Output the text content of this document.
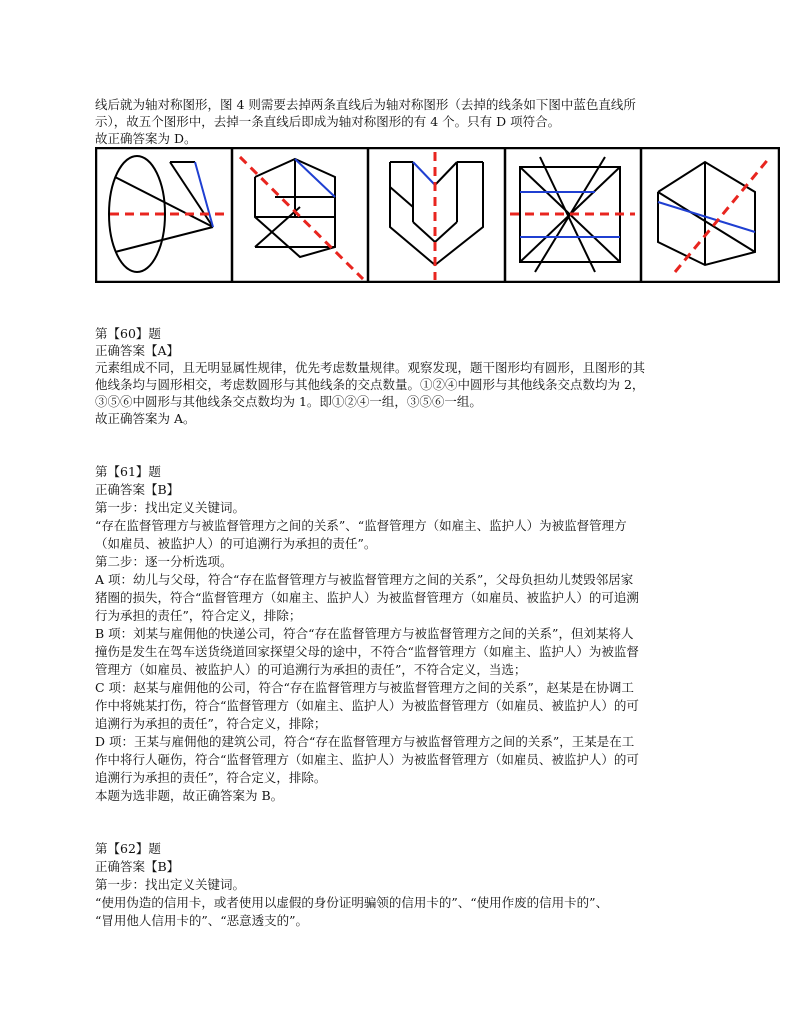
线后就为轴对称图形，图 4 则需要去掉两条直线后为轴对称图形（去掉的线条如下图中蓝色直线所
示），故五个图形中，去掉一条直线后即成为轴对称图形的有 4 个。只有 D 项符合。
故正确答案为 D。
第【60】题
正确答案【A】
元素组成不同，且无明显属性规律，优先考虑数量规律。观察发现，题干图形均有圆形，且图形的其
他线条均与圆形相交，考虑数圆形与其他线条的交点数量。①②④中圆形与其他线条交点数均为 2，
③⑤⑥中圆形与其他线条交点数均为 1。即①②④一组，③⑤⑥一组。
故正确答案为 A。
第【61】题
正确答案【B】
第一步：找出定义关键词。
“存在监督管理方与被监督管理方之间的关系”、“监督管理方（如雇主、监护人）为被监督管理方
（如雇员、被监护人）的可追溯行为承担的责任”。
第二步：逐一分析选项。
A 项：幼儿与父母，符合“存在监督管理方与被监督管理方之间的关系”，父母负担幼儿焚毁邻居家
猪圈的损失，符合“监督管理方（如雇主、监护人）为被监督管理方（如雇员、被监护人）的可追溯
行为承担的责任”，符合定义，排除；
B 项：刘某与雇佣他的快递公司，符合“存在监督管理方与被监督管理方之间的关系”，但刘某将人
撞伤是发生在驾车送货绕道回家探望父母的途中，不符合“监督管理方（如雇主、监护人）为被监督
管理方（如雇员、被监护人）的可追溯行为承担的责任”，不符合定义，当选；
C 项：赵某与雇佣他的公司，符合“存在监督管理方与被监督管理方之间的关系”，赵某是在协调工
作中将姚某打伤，符合“监督管理方（如雇主、监护人）为被监督管理方（如雇员、被监护人）的可
追溯行为承担的责任”，符合定义，排除；
D 项：王某与雇佣他的建筑公司，符合“存在监督管理方与被监督管理方之间的关系”，王某是在工
作中将行人砸伤，符合“监督管理方（如雇主、监护人）为被监督管理方（如雇员、被监护人）的可
追溯行为承担的责任”，符合定义，排除。
本题为选非题，故正确答案为 B。
第【62】题
正确答案【B】
第一步：找出定义关键词。
“使用伪造的信用卡，或者使用以虚假的身份证明骗领的信用卡的”、“使用作废的信用卡的”、
“冒用他人信用卡的”、“恶意透支的”。
